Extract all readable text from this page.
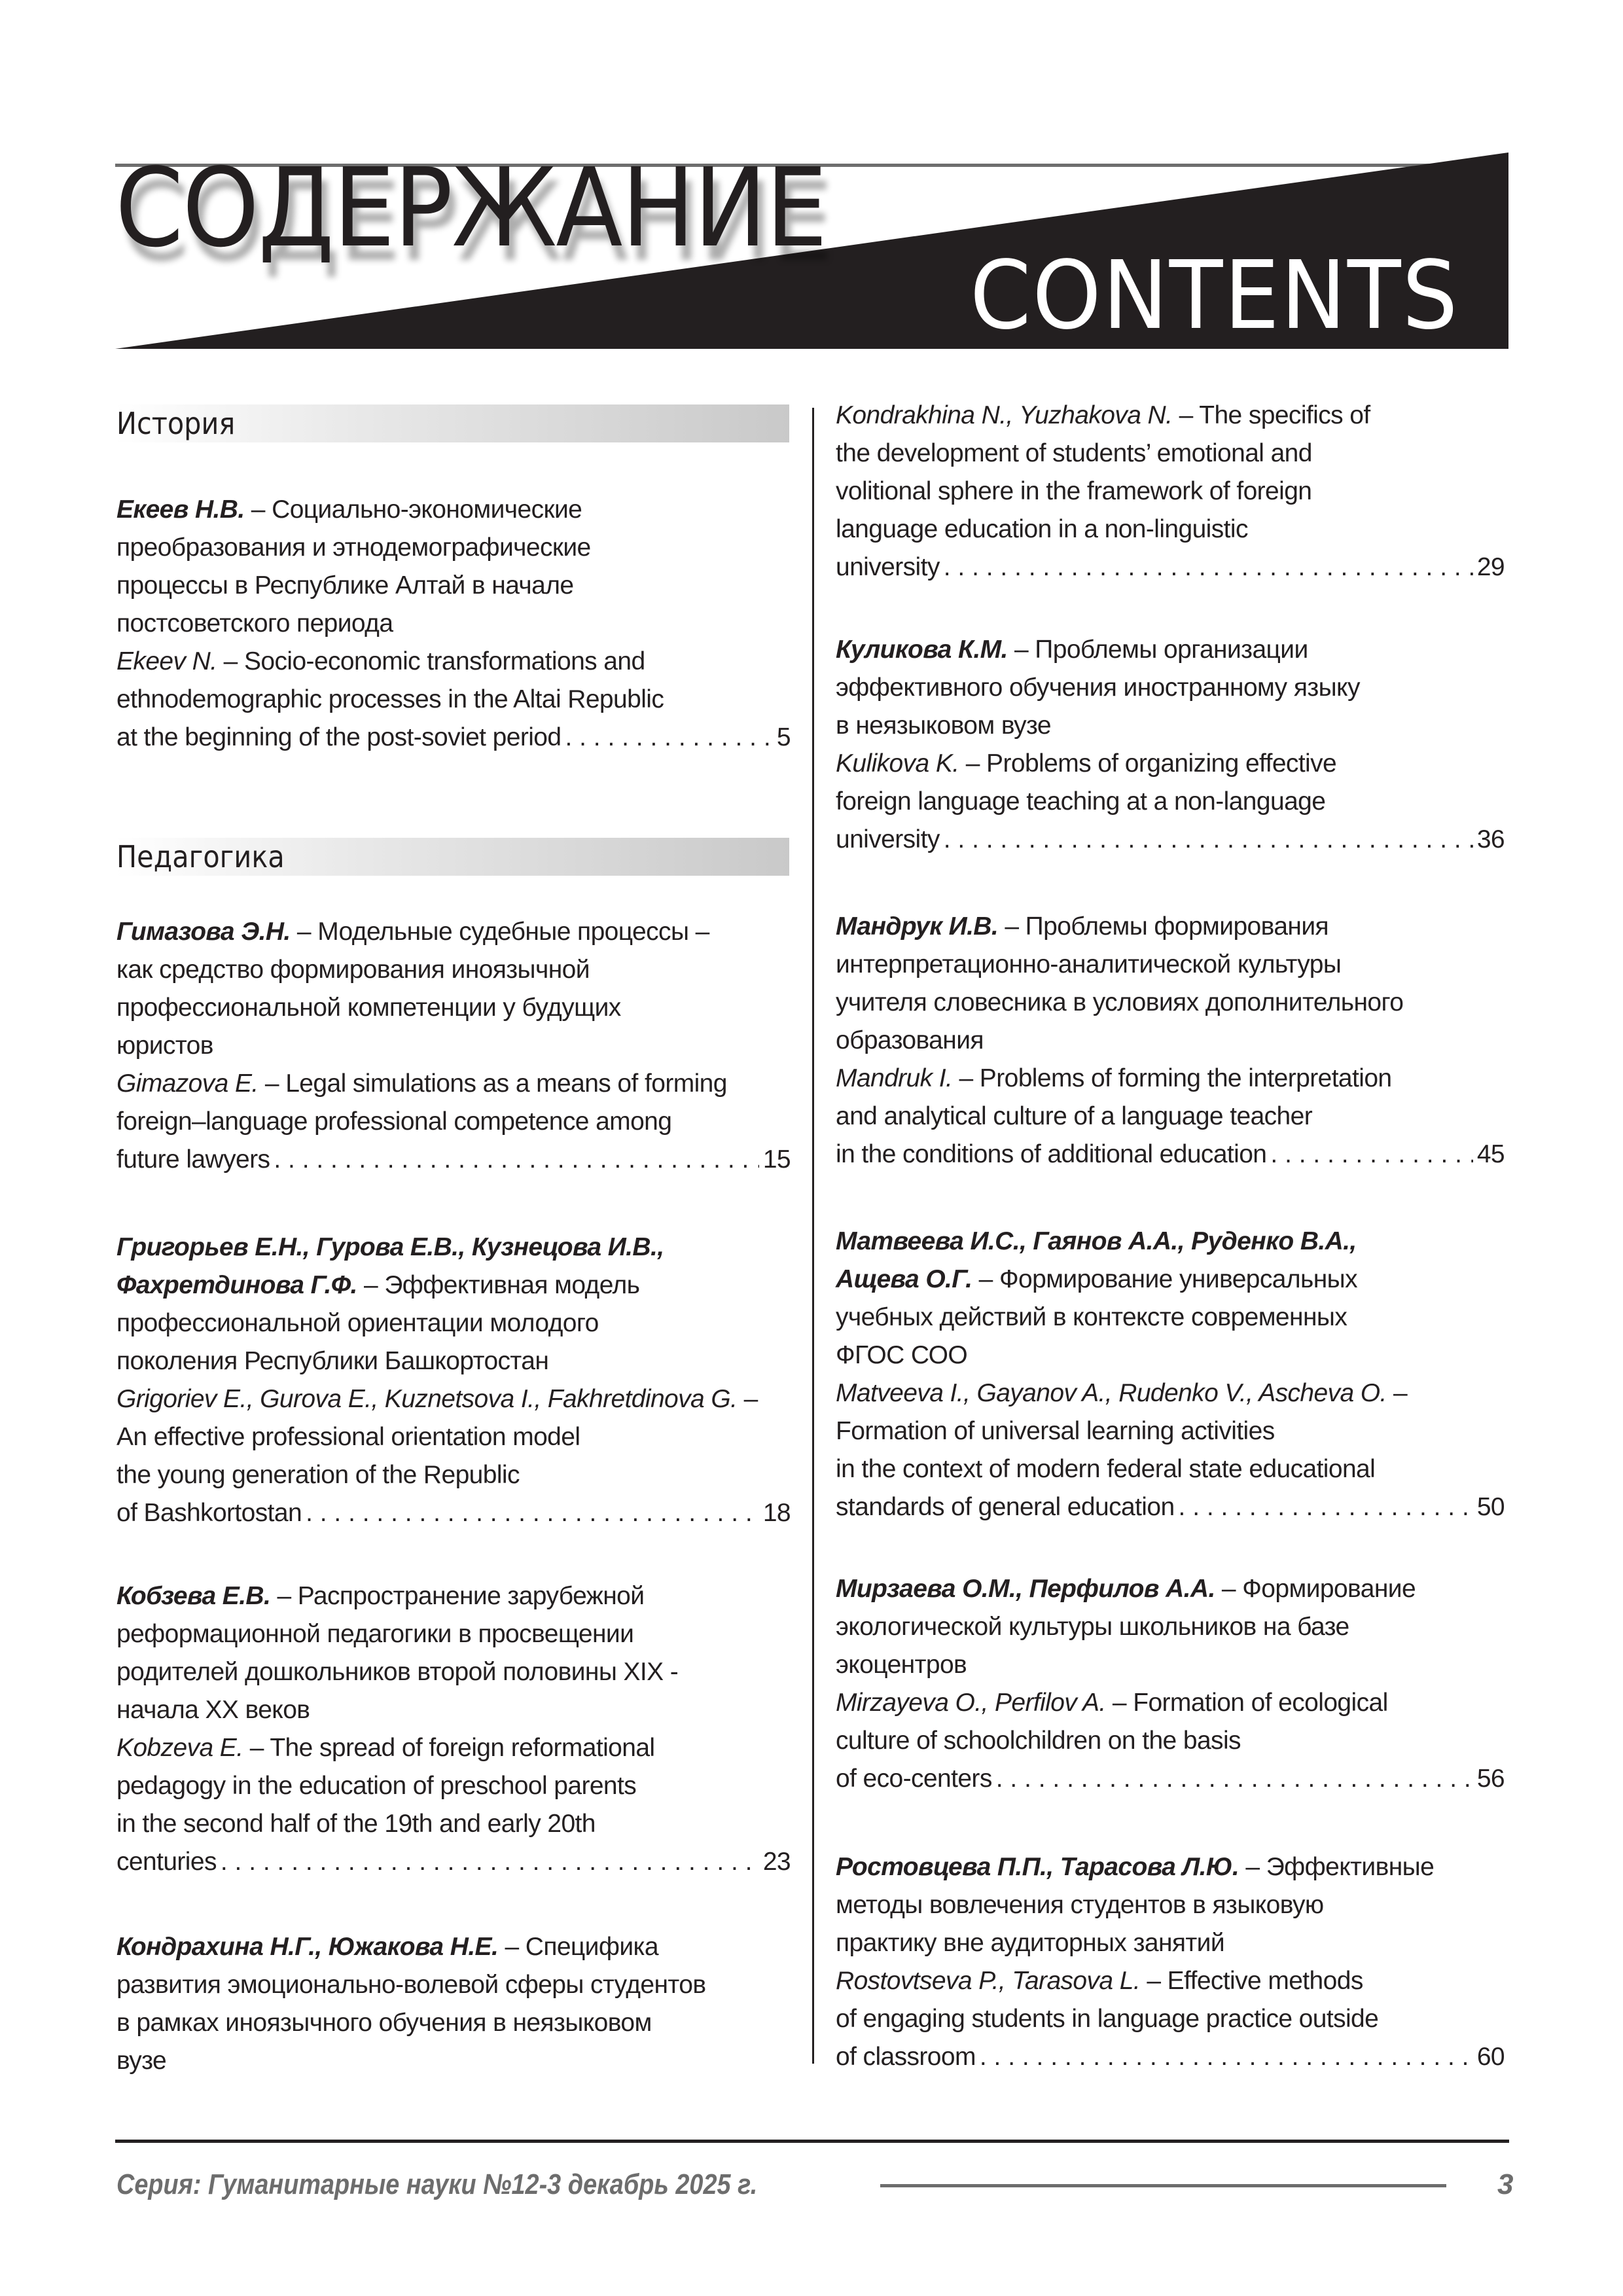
СОДЕРЖАНИЕ
CONTENTS
История
Педагогика
Екеев Н.В. – Социально-экономические
преобразования и этнодемографические
процессы в Республике Алтай в начале
постсоветского периода
Ekeev N. – Socio-economic transformations and
ethnodemographic processes in the Altai Republic
at the beginning of the post-soviet period . . .	5
Гимазова Э.Н. – Модельные судебные процессы –
как средство формирования иноязычной
профессиональной компетенции у будущих
юристов
Gimazova E. – Legal simulations as a means of forming
foreign–language professional competence among
future lawyers . . .	15
Григорьев Е.Н., Гурова Е.В., Кузнецова И.В.,
Фахретдинова Г.Ф. – Эффективная модель
профессиональной ориентации молодого
поколения Республики Башкортостан
Grigoriev E., Gurova E., Kuznetsova I., Fakhretdinova G. –
An effective professional orientation model
the young generation of the Republic
of Bashkortostan . . .	18
Кобзева Е.В. – Распространение зарубежной
реформационной педагогики в просвещении
родителей дошкольников второй половины XIX -
начала XX веков
Kobzeva E. – The spread of foreign reformational
pedagogy in the education of preschool parents
in the second half of the 19th and early 20th
centuries . . .	23
Кондрахина Н.Г., Южакова Н.Е. – Специфика
развития эмоционально-волевой сферы студентов
в рамках иноязычного обучения в неязыковом
вузе
Kondrakhina N., Yuzhakova N. – The specifics of
the development of students’ emotional and
volitional sphere in the framework of foreign
language education in a non-linguistic
university . . .	29
Куликова К.М. – Проблемы организации
эффективного обучения иностранному языку
в неязыковом вузе
Kulikova K. – Problems of organizing effective
foreign language teaching at a non-language
university . . .	36
Мандрук И.В. – Проблемы формирования
интерпретационно-аналитической культуры
учителя словесника в условиях дополнительного
образования
Mandruk I. – Problems of forming the interpretation
and analytical culture of a language teacher
in the conditions of additional education . . .	45
Матвеева И.С., Гаянов А.А., Руденко В.А.,
Ащева О.Г. – Формирование универсальных
учебных действий в контексте современных
ФГОС СОО
Matveeva I., Gayanov A., Rudenko V., Ascheva O. –
Formation of universal learning activities
in the context of modern federal state educational
standards of general education . . .	50
Мирзаева О.М., Перфилов А.А. – Формирование
экологической культуры школьников на базе
экоцентров
Mirzayeva O., Perfilov A. – Formation of ecological
culture of schoolchildren on the basis
of eco-centers . . .	56
Ростовцева П.П., Тарасова Л.Ю. – Эффективные
методы вовлечения студентов в языковую
практику вне аудиторных занятий
Rostovtseva P., Tarasova L. – Effective methods
of engaging students in language practice outside
of classroom . . .	60
Серия: Гуманитарные науки №12-3 декабрь 2025 г.	3
